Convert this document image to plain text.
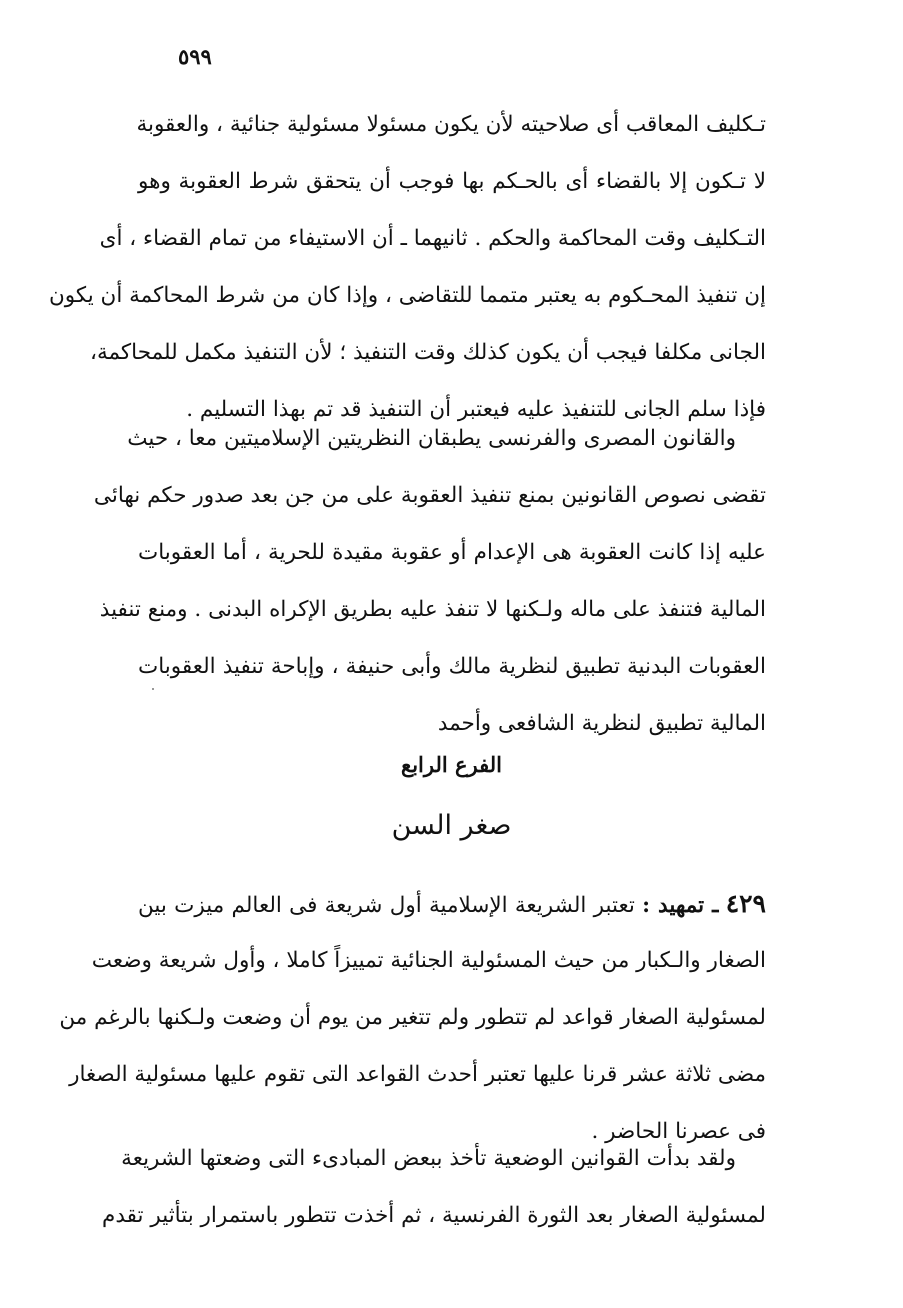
٥٩٩
تـكليف المعاقب أى صلاحيته لأن يكون مسئولا مسئولية جنائية ، والعقوبة
لا تـكون إلا بالقضاء أى بالحـكم بها فوجب أن يتحقق شرط العقوبة وهو
التـكليف وقت المحاكمة والحكم . ثانيهما ـ أن الاستيفاء من تمام القضاء ، أى
إن تنفيذ المحـكوم به يعتبر متمما للتقاضى ، وإذا كان من شرط المحاكمة أن يكون
الجانى مكلفا فيجب أن يكون كذلك وقت التنفيذ ؛ لأن التنفيذ مكمل للمحاكمة،
فإذا سلم الجانى للتنفيذ عليه فيعتبر أن التنفيذ قد تم بهذا التسليم .
والقانون المصرى والفرنسى يطبقان النظريتين الإسلاميتين معا ، حيث
تقضى نصوص القانونين بمنع تنفيذ العقوبة على من جن بعد صدور حكم نهائى
عليه إذا كانت العقوبة هى الإعدام أو عقوبة مقيدة للحرية ، أما العقوبات
المالية فتنفذ على ماله ولـكنها لا تنفذ عليه بطريق الإكراه البدنى . ومنع تنفيذ
العقوبات البدنية تطبيق لنظرية مالك وأبى حنيفة ، وإباحة تنفيذ العقوبات
المالية تطبيق لنظرية الشافعى وأحمد
الفرع الرابع
صغر السن
٤٢٩ ـ تمهيد : تعتبر الشريعة الإسلامية أول شريعة فى العالم ميزت بين
الصغار والـكبار من حيث المسئولية الجنائية تمييزاً كاملا ، وأول شريعة وضعت
لمسئولية الصغار قواعد لم تتطور ولم تتغير من يوم أن وضعت ولـكنها بالرغم من
مضى ثلاثة عشر قرنا عليها تعتبر أحدث القواعد التى تقوم عليها مسئولية الصغار
فى عصرنا الحاضر .
ولقد بدأت القوانين الوضعية تأخذ ببعض المبادىء التى وضعتها الشريعة
لمسئولية الصغار بعد الثورة الفرنسية ، ثم أخذت تتطور باستمرار بتأثير تقدم
